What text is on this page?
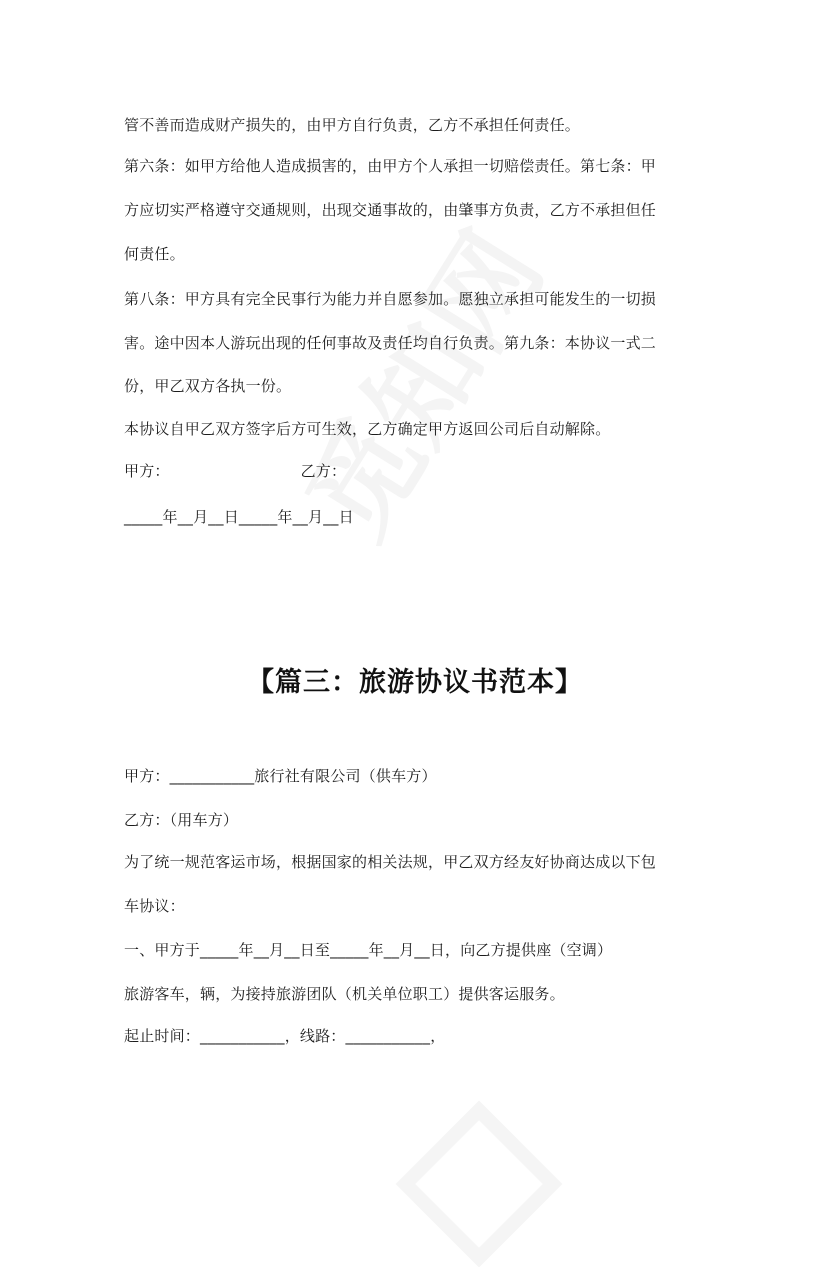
管不善而造成财产损失的，由甲方自行负责，乙方不承担任何责任。
第六条：如甲方给他人造成损害的，由甲方个人承担一切赔偿责任。第七条：甲
方应切实严格遵守交通规则，出现交通事故的，由肇事方负责，乙方不承担但任
何责任。
第八条：甲方具有完全民事行为能力并自愿参加。愿独立承担可能发生的一切损
害。途中因本人游玩出现的任何事故及责任均自行负责。第九条：本协议一式二
份，甲乙双方各执一份。
本协议自甲乙双方签字后方可生效，乙方确定甲方返回公司后自动解除。
甲方：	乙方：
_____年__月__日_____年__月__日
【篇三：旅游协议书范本】
甲方：___________旅行社有限公司（供车方）
乙方：（用车方）
为了统一规范客运市场，根据国家的相关法规，甲乙双方经友好协商达成以下包
车协议：
一、甲方于_____年__月__日至_____年__月__日，向乙方提供座（空调）
旅游客车，辆，为接持旅游团队（机关单位职工）提供客运服务。
起止时间：___________，线路：___________，
